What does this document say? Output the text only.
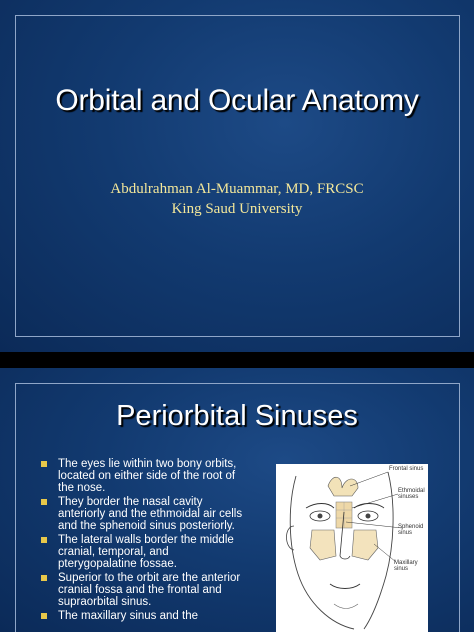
Orbital and Ocular Anatomy
Abdulrahman Al-Muammar, MD, FRCSC
King Saud University
Periorbital Sinuses
The eyes lie within two bony orbits, located on either side of the root of the nose.
They border the nasal cavity anteriorly and the ethmoidal air cells and the sphenoid sinus posteriorly.
The lateral walls border the middle cranial, temporal, and pterygopalatine fossae.
Superior to the orbit are the anterior cranial fossa and the frontal and supraorbital sinus.
The maxillary sinus and the
Frontal sinus
Ethmoidal sinuses
Sphenoid sinus
Maxillary sinus
